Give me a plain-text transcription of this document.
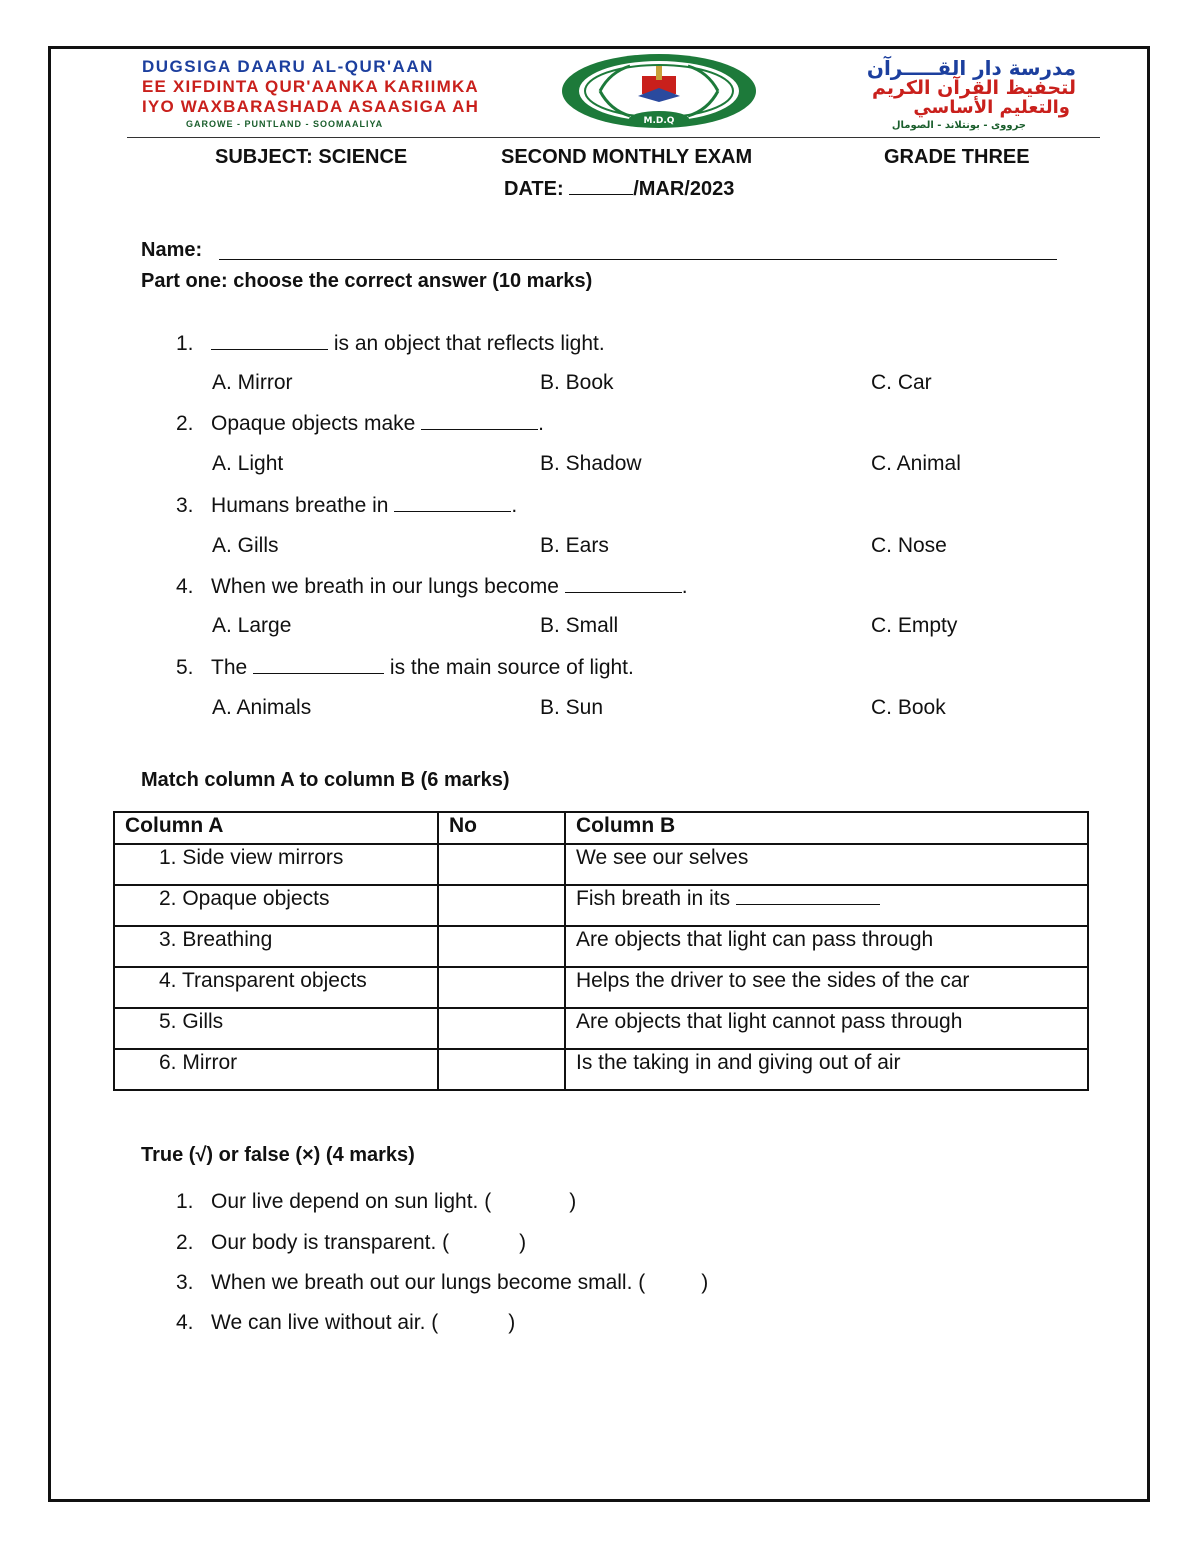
DUGSIGA DAARU AL-QUR'AAN
EE XIFDINTA QUR'AANKA KARIIMKA
IYO WAXBARASHADA ASAASIGA AH
GAROWE - PUNTLAND - SOOMAALIYA	M.D.Q
مدرسة دار القـــــرآن
لتحفيظ القرآن الكريم
والتعليم الأساسي
جرووى - بونتلاند - الصومال
SUBJECT: SCIENCE	SECOND MONTHLY EXAM	GRADE THREE
DATE:	/MAR/2023
Name:
Part one: choose the correct answer (10 marks)
1.	is an object that reflects light.
A. Mirror	B. Book	C. Car
2. Opaque objects make	.
A. Light	B. Shadow	C. Animal
3. Humans breathe in	.
A. Gills	B. Ears	C. Nose
4. When we breath in our lungs become	.
A. Large	B. Small	C. Empty
5. The	is the main source of light.
A. Animals	B. Sun	C. Book
Match column A to column B (6 marks)
Column A	No	Column B
1. Side view mirrors		We see our selves
2. Opaque objects		Fish breath in its
3. Breathing		Are objects that light can pass through
4. Transparent objects		Helps the driver to see the sides of the car
5. Gills		Are objects that light cannot pass through
6. Mirror		Is the taking in and giving out of air
True (√) or false (×) (4 marks)
1. Our live depend on sun light. (	)
2. Our body is transparent. (	)
3. When we breath out our lungs become small. (	)
4. We can live without air. (	)
